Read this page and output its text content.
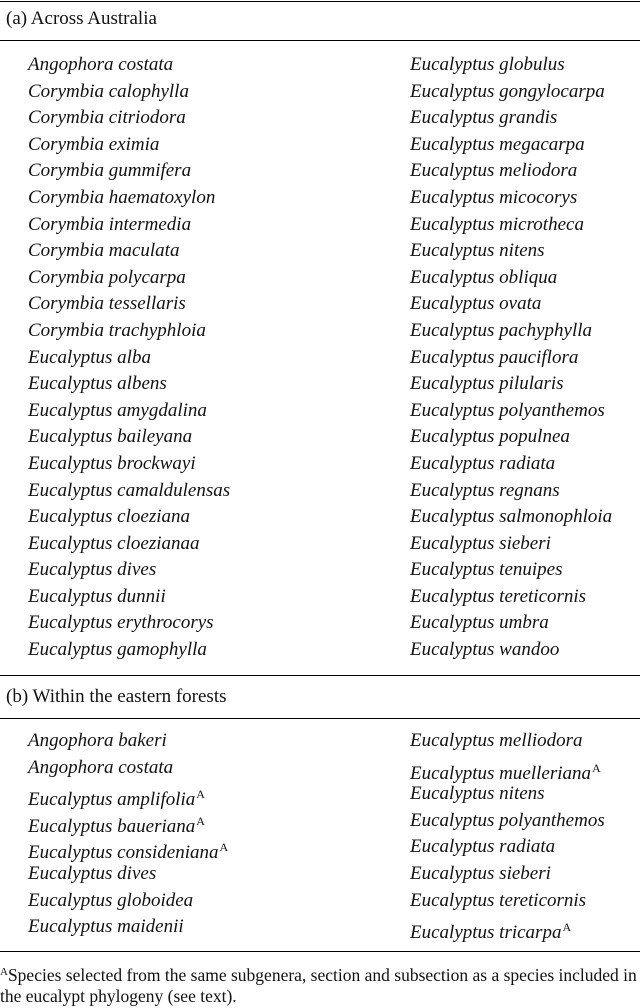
(a) Across Australia
Angophora costata
Corymbia calophylla
Corymbia citriodora
Corymbia eximia
Corymbia gummifera
Corymbia haematoxylon
Corymbia intermedia
Corymbia maculata
Corymbia polycarpa
Corymbia tessellaris
Corymbia trachyphloia
Eucalyptus alba
Eucalyptus albens
Eucalyptus amygdalina
Eucalyptus baileyana
Eucalyptus brockwayi
Eucalyptus camaldulensas
Eucalyptus cloeziana
Eucalyptus cloezianaa
Eucalyptus dives
Eucalyptus dunnii
Eucalyptus erythrocorys
Eucalyptus gamophylla
Eucalyptus globulus
Eucalyptus gongylocarpa
Eucalyptus grandis
Eucalyptus megacarpa
Eucalyptus meliodora
Eucalyptus micocorys
Eucalyptus microtheca
Eucalyptus nitens
Eucalyptus obliqua
Eucalyptus ovata
Eucalyptus pachyphylla
Eucalyptus pauciflora
Eucalyptus pilularis
Eucalyptus polyanthemos
Eucalyptus populnea
Eucalyptus radiata
Eucalyptus regnans
Eucalyptus salmonophloia
Eucalyptus sieberi
Eucalyptus tenuipes
Eucalyptus tereticornis
Eucalyptus umbra
Eucalyptus wandoo
(b) Within the eastern forests
Angophora bakeri
Angophora costata
Eucalyptus amplifolia$^A$
Eucalyptus baueriana$^A$
Eucalyptus consideniana$^A$
Eucalyptus dives
Eucalyptus globoidea
Eucalyptus maidenii
Eucalyptus melliodora
Eucalyptus muelleriana$^A$
Eucalyptus nitens
Eucalyptus polyanthemos
Eucalyptus radiata
Eucalyptus sieberi
Eucalyptus tereticornis
Eucalyptus tricarpa$^A$
$^A$Species selected from the same subgenera, section and subsection as a species included in the eucalypt phylogeny (see text).
